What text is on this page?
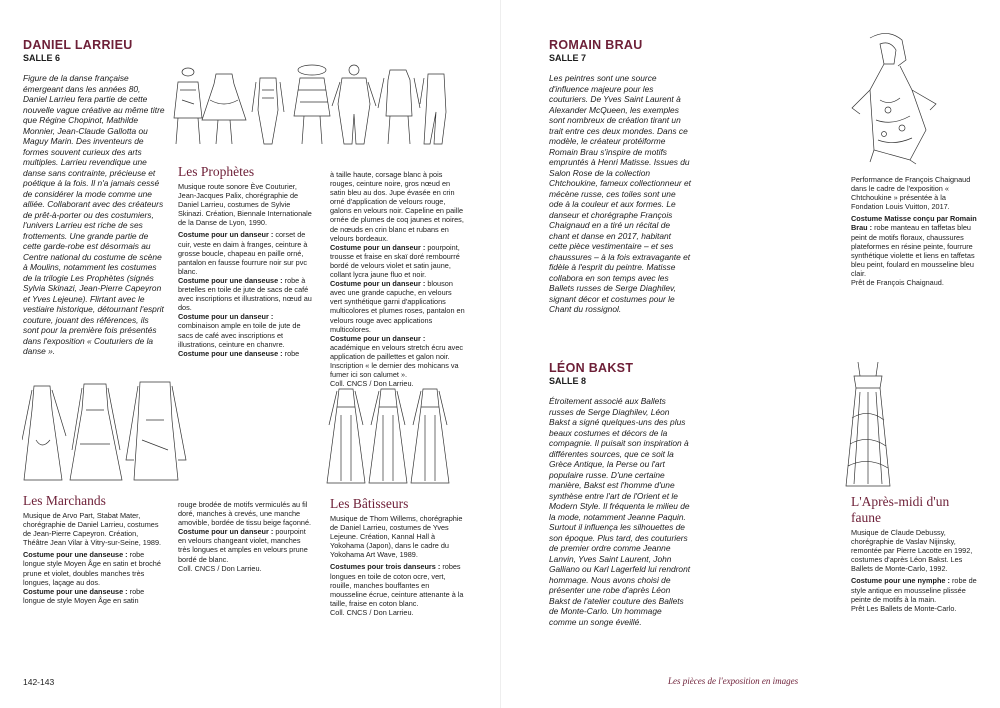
DANIEL LARRIEU
SALLE 6

Figure de la danse française émergeant dans les années 80, Daniel Larrieu fera partie de cette nouvelle vague créative au même titre que Régine Chopinot, Mathilde Monnier, Jean-Claude Gallotta ou Maguy Marin. Des inventeurs de formes souvent curieux des arts multiples. Larrieu revendique une danse sans contrainte, précieuse et poétique à la fois. Il n'a jamais cessé de considérer la mode comme une alliée. Collaborant avec des créateurs de prêt-à-porter ou des costumiers, l'univers Larrieu est riche de ses frottements. Une grande partie de cette garde-robe est désormais au Centre national du costume de scène à Moulins, notamment les costumes de la trilogie Les Prophètes (signés Sylvia Skinazi, Jean-Pierre Capeyron et Yves Lejeune). Flirtant avec le vestiaire historique, détournant l'esprit couture, jouant des références, ils sont pour la première fois présentés dans l'exposition « Couturiers de la danse ».

Les Prophètes

Musique route sonore Ève Couturier, Jean-Jacques Palix, chorégraphie de Daniel Larrieu, costumes de Sylvie Skinazi. Création, Biennale Internationale de la Danse de Lyon, 1990.

Costume pour un danseur : corset de cuir, veste en daim à franges, ceinture à grosse boucle, chapeau en paille orné, pantalon en fausse fourrure noir sur pvc blanc.
Costume pour une danseuse : robe à bretelles en toile de jute de sacs de café avec inscriptions et illustrations, nœud au dos.
Costume pour un danseur : combinaison ample en toile de jute de sacs de café avec inscriptions et illustrations, ceinture en chanvre.
Costume pour une danseuse : robe

à taille haute, corsage blanc à pois rouges, ceinture noire, gros nœud en satin bleu au dos. Jupe évasée en crin orné d'application de velours rouge, galons en velours noir. Capeline en paille ornée de plumes de coq jaunes et noires, de nœuds en crin blanc et rubans en velours bordeaux.

Costume pour un danseur : pourpoint, trousse et fraise en skaï doré rembourré bordé de velours violet et satin jaune, collant lycra jaune fluo et noir.
Costume pour un danseur : blouson avec une grande capuche, en velours vert synthétique garni d'applications multicolores et plumes roses, pantalon en velours rouge avec applications multicolores.
Costume pour un danseur : académique en velours stretch écru avec application de paillettes et galon noir. Inscription « le dernier des mohicans va fumer ici son calumet ».
Coll. CNCS / Don Larrieu.
Les Marchands

Musique de Arvo Part, Stabat Mater, chorégraphie de Daniel Larrieu, costumes de Jean-Pierre Capeyron. Création, Théâtre Jean Vilar à Vitry-sur-Seine, 1989.

Costume pour une danseuse : robe longue style Moyen Âge en satin et broché prune et violet, doubles manches très longues, laçage au dos.
Costume pour une danseuse : robe longue de style Moyen Âge en satin

rouge brodée de motifs vermiculés au fil doré, manches à crevés, une manche amovible, bordée de tissu beige façonné.

Costume pour un danseur : pourpoint en velours changeant violet, manches très longues et amples en velours prune bordé de blanc.
Coll. CNCS / Don Larrieu.
Les Bâtisseurs

Musique de Thom Willems, chorégraphie de Daniel Larrieu, costumes de Yves Lejeune. Création, Kannal Hall à Yokohama (Japon), dans le cadre du Yokohama Art Wave, 1989.

Costumes pour trois danseurs : robes longues en toile de coton ocre, vert, rouille, manches bouffantes en mousseline écrue, ceinture attenante à la taille, fraise en coton blanc.
Coll. CNCS / Don Larrieu.
142-143
ROMAIN BRAU
SALLE 7

Les peintres sont une source d'influence majeure pour les couturiers. De Yves Saint Laurent à Alexander McQueen, les exemples sont nombreux de création tirant un trait entre ces deux mondes. Dans ce modèle, le créateur protéiforme Romain Brau s'inspire de motifs empruntés à Henri Matisse. Issues du Salon Rose de la collection Chtchoukine, fameux collectionneur et mécène russe, ces toiles sont une ode à la couleur et aux formes. Le danseur et chorégraphe François Chaignaud en a tiré un récital de chant et danse en 2017, habitant cette pièce vestimentaire – et ses chaussures – à la fois extravagante et fidèle à l'esprit du peintre. Matisse collabora en son temps avec les Ballets russes de Serge Diaghilev, signant décor et costumes pour le Chant du rossignol.

Performance de François Chaignaud dans le cadre de l'exposition « Chtchoukine » présentée à la Fondation Louis Vuitton, 2017.

Costume Matisse conçu par Romain Brau : robe manteau en taffetas bleu peint de motifs floraux, chaussures plateformes en résine peinte, fourrure synthétique violette et liens en taffetas bleu peint, foulard en mousseline bleu clair.
Prêt de François Chaignaud.
LÉON BAKST
SALLE 8

Étroitement associé aux Ballets russes de Serge Diaghilev, Léon Bakst a signé quelques-uns des plus beaux costumes et décors de la compagnie. Il puisait son inspiration à différentes sources, que ce soit la Grèce Antique, la Perse ou l'art populaire russe. D'une certaine manière, Bakst est l'homme d'une synthèse entre l'art de l'Orient et le Modern Style. Il fréquenta le milieu de la mode, notamment Jeanne Paquin. Surtout il influença les silhouettes de son époque. Plus tard, des couturiers de premier ordre comme Jeanne Lanvin, Yves Saint Laurent, John Galliano ou Karl Lagerfeld lui rendront hommage. Nous avons choisi de présenter une robe d'après Léon Bakst de l'atelier couture des Ballets de Monte-Carlo. Un hommage comme un songe éveillé.

L'Après-midi d'un faune

Musique de Claude Debussy, chorégraphie de Vaslav Nijinsky, remontée par Pierre Lacotte en 1992, costumes d'après Léon Bakst. Les Ballets de Monte-Carlo, 1992.

Costume pour une nymphe : robe de style antique en mousseline plissée peinte de motifs à la main.
Prêt Les Ballets de Monte-Carlo.
Les pièces de l'exposition en images
